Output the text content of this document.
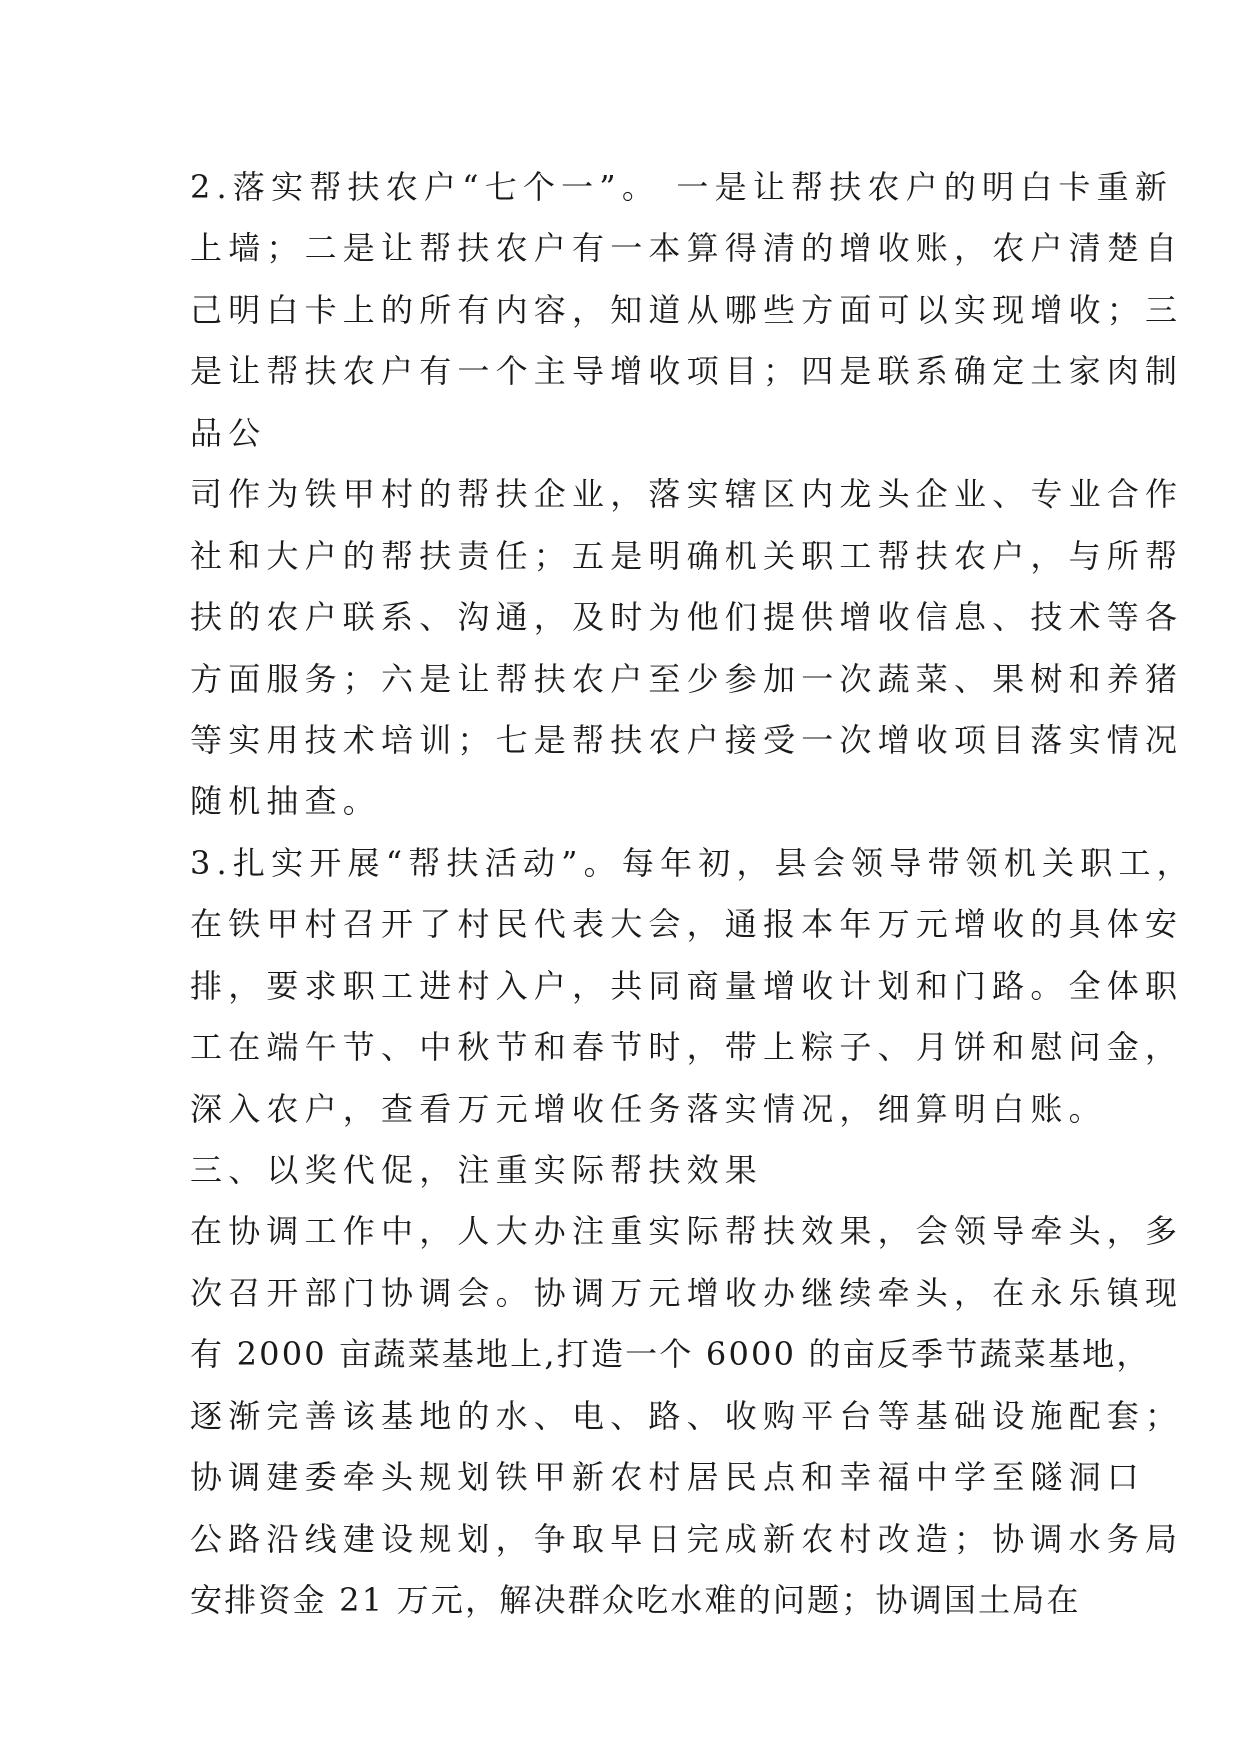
2.落实帮扶农户“七个一”。 一是让帮扶农户的明白卡重新
上墙；二是让帮扶农户有一本算得清的增收账，农户清楚自
己明白卡上的所有内容，知道从哪些方面可以实现增收；三
是让帮扶农户有一个主导增收项目；四是联系确定土家肉制
品公
司作为铁甲村的帮扶企业，落实辖区内龙头企业、专业合作
社和大户的帮扶责任；五是明确机关职工帮扶农户，与所帮
扶的农户联系、沟通，及时为他们提供增收信息、技术等各
方面服务；六是让帮扶农户至少参加一次蔬菜、果树和养猪
等实用技术培训；七是帮扶农户接受一次增收项目落实情况
随机抽查。
3.扎实开展“帮扶活动”。每年初，县会领导带领机关职工，
在铁甲村召开了村民代表大会，通报本年万元增收的具体安
排，要求职工进村入户，共同商量增收计划和门路。全体职
工在端午节、中秋节和春节时，带上粽子、月饼和慰问金，
深入农户，查看万元增收任务落实情况，细算明白账。
三、以奖代促，注重实际帮扶效果
在协调工作中，人大办注重实际帮扶效果，会领导牵头，多
次召开部门协调会。协调万元增收办继续牵头，在永乐镇现
有 2000 亩蔬菜基地上,打造一个 6000 的亩反季节蔬菜基地，
逐渐完善该基地的水、电、路、收购平台等基础设施配套；
协调建委牵头规划铁甲新农村居民点和幸福中学至隧洞口
公路沿线建设规划，争取早日完成新农村改造；协调水务局
安排资金 21 万元，解决群众吃水难的问题；协调国土局在
